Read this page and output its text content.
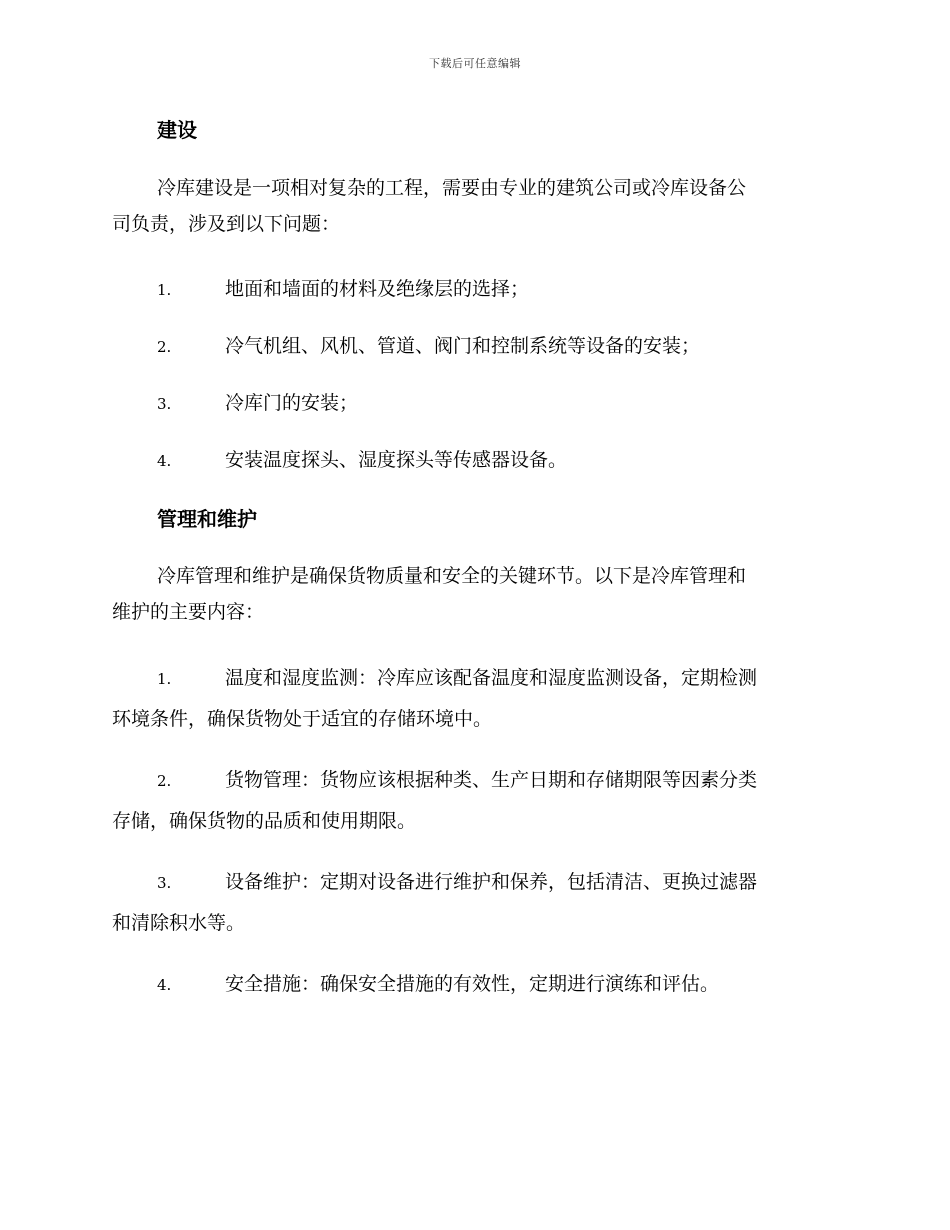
下载后可任意编辑
建设
冷库建设是一项相对复杂的工程，需要由专业的建筑公司或冷库设备公
司负责，涉及到以下问题：
1.	地面和墙面的材料及绝缘层的选择；
2.	冷气机组、风机、管道、阀门和控制系统等设备的安装；
3.	冷库门的安装；
4.	安装温度探头、湿度探头等传感器设备。
管理和维护
冷库管理和维护是确保货物质量和安全的关键环节。以下是冷库管理和
维护的主要内容：
1.	温度和湿度监测：冷库应该配备温度和湿度监测设备，定期检测
环境条件，确保货物处于适宜的存储环境中。
2.	货物管理：货物应该根据种类、生产日期和存储期限等因素分类
存储，确保货物的品质和使用期限。
3.	设备维护：定期对设备进行维护和保养，包括清洁、更换过滤器
和清除积水等。
4.	安全措施：确保安全措施的有效性，定期进行演练和评估。
